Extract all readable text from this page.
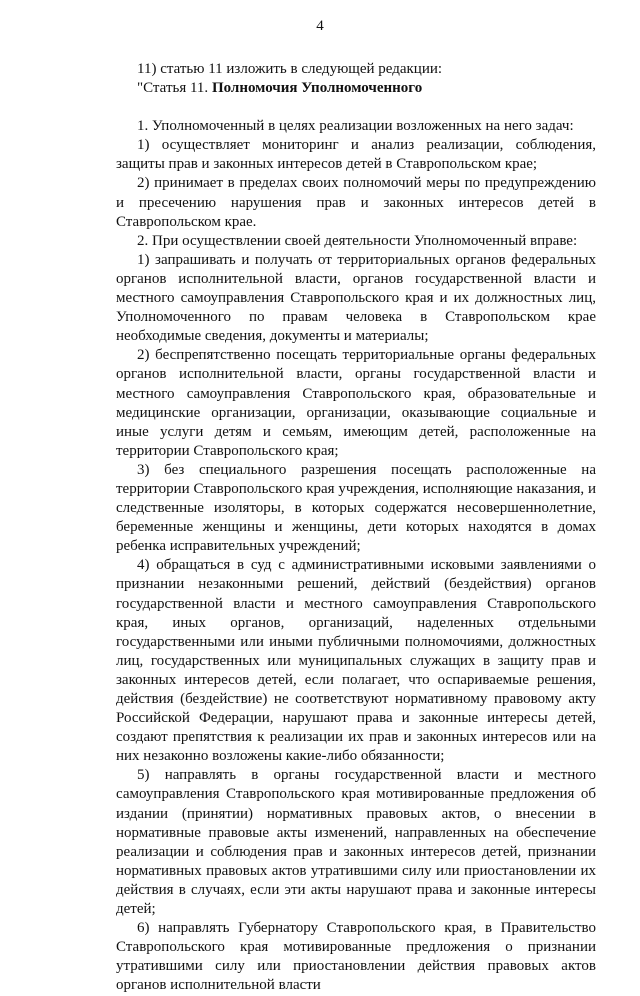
4

11) статью 11 изложить в следующей редакции:

"Статья 11. Полномочия Уполномоченного

1. Уполномоченный в целях реализации возложенных на него задач:

1) осуществляет мониторинг и анализ реализации, соблюдения, защиты прав и законных интересов детей в Ставропольском крае;

2) принимает в пределах своих полномочий меры по предупреждению и пресечению нарушения прав и законных интересов детей в Ставропольском крае.

2. При осуществлении своей деятельности Уполномоченный вправе:

1) запрашивать и получать от территориальных органов федеральных органов исполнительной власти, органов государственной власти и местного самоуправления Ставропольского края и их должностных лиц, Уполномоченного по правам человека в Ставропольском крае необходимые сведения, документы и материалы;

2) беспрепятственно посещать территориальные органы федеральных органов исполнительной власти, органы государственной власти и местного самоуправления Ставропольского края, образовательные и медицинские организации, организации, оказывающие социальные и иные услуги детям и семьям, имеющим детей, расположенные на территории Ставропольского края;

3) без специального разрешения посещать расположенные на территории Ставропольского края учреждения, исполняющие наказания, и следственные изоляторы, в которых содержатся несовершеннолетние, беременные женщины и женщины, дети которых находятся в домах ребенка исправительных учреждений;

4) обращаться в суд с административными исковыми заявлениями о признании незаконными решений, действий (бездействия) органов государственной власти и местного самоуправления Ставропольского края, иных органов, организаций, наделенных отдельными государственными или иными публичными полномочиями, должностных лиц, государственных или муниципальных служащих в защиту прав и законных интересов детей, если полагает, что оспариваемые решения, действия (бездействие) не соответствуют нормативному правовому акту Российской Федерации, нарушают права и законные интересы детей, создают препятствия к реализации их прав и законных интересов или на них незаконно возложены какие-либо обязанности;

5) направлять в органы государственной власти и местного самоуправления Ставропольского края мотивированные предложения об издании (принятии) нормативных правовых актов, о внесении в нормативные правовые акты изменений, направленных на обеспечение реализации и соблюдения прав и законных интересов детей, признании нормативных правовых актов утратившими силу или приостановлении их действия в случаях, если эти акты нарушают права и законные интересы детей;

6) направлять Губернатору Ставропольского края, в Правительство Ставропольского края мотивированные предложения о признании утратившими силу или приостановлении действия правовых актов органов исполнительной власти
